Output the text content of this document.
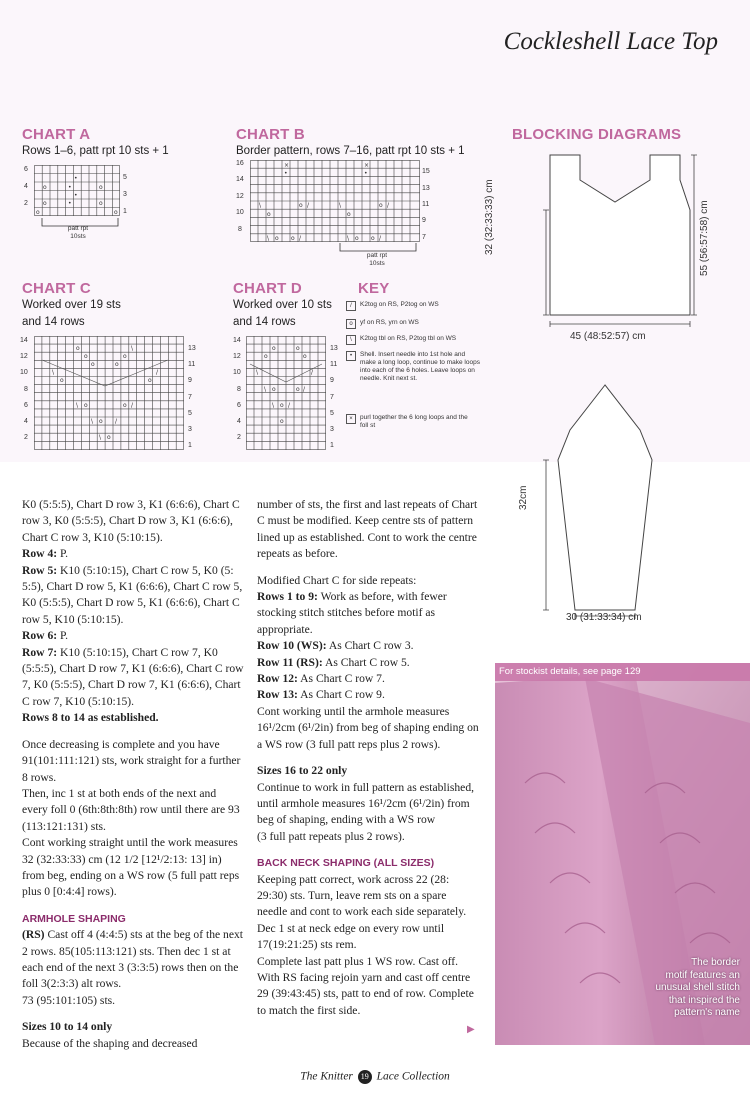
Cockleshell Lace Top
CHART A
Rows 1–6, patt rpt 10 sts + 1
o	•	o
o	•	o
•
•
o	o
6
4
2
5
3
1
patt rpt
10sts
CHART B
Border pattern, rows 7–16, patt rpt 10 sts + 1
×	×
•	•
\
o
o /	\
o
o /
\ o o /	\ o o /
16
14
12
10
8
15
13
11
9
7
patt rpt
10sts
CHART C
Worked over 19 sts
and 14 rows
o	\
o	o
o	o
\
o
/
o
\ o	o /
\ o /
\ o
14
12
10
8
6
4
2
13
11
9
7
5
3
1
CHART D
Worked over 10 sts
and 14 rows
o	o
o	o
\	/
\ o	o /
\ o /
o
14
12
10
8
6
4
2
13
11
9
7
5
3
1
KEY
/	K2tog on RS, P2tog on WS
o	yf on RS, yrn on WS
\	K2tog tbl on RS, P2tog tbl on WS
•	Shell. Insert needle into 1st hole and make a long loop, continue to make loops into each of the 6 holes. Leave loops on needle. Knit next st.
×	purl together the 6 long loops and the foll st
BLOCKING DIAGRAMS
32 (32:33:33) cm	55 (56:57:58) cm
45 (48:52:57) cm
32cm
30 (31:33:34) cm

K0 (5:5:5), Chart D row 3, K1 (6:6:6), Chart C row 3, K0 (5:5:5), Chart D row 3, K1 (6:6:6), Chart C row 3, K10 (5:10:15).

Row 4: P.

Row 5: K10 (5:10:15), Chart C row 5, K0 (5: 5:5), Chart D row 5, K1 (6:6:6), Chart C row 5, K0 (5:5:5), Chart D row 5, K1 (6:6:6), Chart C row 5, K10 (5:10:15).

Row 6: P.

Row 7: K10 (5:10:15), Chart C row 7, K0 (5:5:5), Chart D row 7, K1 (6:6:6), Chart C row 7, K0 (5:5:5), Chart D row 7, K1 (6:6:6), Chart C row 7, K10 (5:10:15).

Rows 8 to 14 as established.

Once decreasing is complete and you have 91(101:111:121) sts, work straight for a further 8 rows.

Then, inc 1 st at both ends of the next and every foll 0 (6th:8th:8th) row until there are 93 (113:121:131) sts.

Cont working straight until the work measures 32 (32:33:33) cm (12 1/2 [12¹/2:13: 13] in) from beg, ending on a WS row (5 full patt reps plus 0 [0:4:4] rows).

ARMHOLE SHAPING

(RS) Cast off 4 (4:4:5) sts at the beg of the next 2 rows. 85(105:113:121) sts. Then dec 1 st at each end of the next 3 (3:3:5) rows then on the foll 3(2:3:3) alt rows.

73 (95:101:105) sts.

Sizes 10 to 14 only

Because of the shaping and decreased

number of sts, the first and last repeats of Chart C must be modified. Keep centre sts of pattern lined up as established. Cont to work the centre repeats as before.

Modified Chart C for side repeats:

Rows 1 to 9: Work as before, with fewer stocking stitch stitches before motif as appropriate.

Row 10 (WS): As Chart C row 3.

Row 11 (RS): As Chart C row 5.

Row 12: As Chart C row 7.

Row 13: As Chart C row 9.

Cont working until the armhole measures 16¹/2cm (6¹/2in) from beg of shaping ending on a WS row (3 full patt reps plus 2 rows).

Sizes 16 to 22 only

Continue to work in full pattern as established, until armhole measures 16¹/2cm (6¹/2in) from beg of shaping, ending with a WS row

(3 full patt repeats plus 2 rows).

BACK NECK SHAPING (ALL SIZES)

Keeping patt correct, work across 22 (28: 29:30) sts. Turn, leave rem sts on a spare needle and cont to work each side separately.

Dec 1 st at neck edge on every row until 17(19:21:25) sts rem.

Complete last patt plus 1 WS row. Cast off. With RS facing rejoin yarn and cast off centre 29 (39:43:45) sts, patt to end of row. Complete to match the first side.

▶
For stockist details, see page 129
The border
motif features an
unusual shell stitch
that inspired the
pattern's name
The Knitter 19 Lace Collection
